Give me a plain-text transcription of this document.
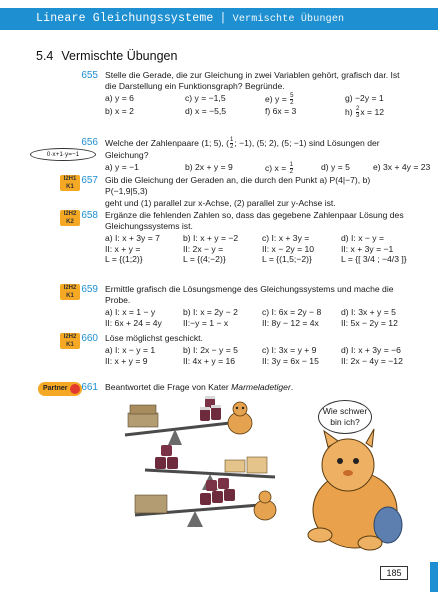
Lineare Gleichungssysteme | Vermischte Übungen
5.4 Vermischte Übungen
655 Stelle die Gerade, die zur Gleichung in zwei Variablen gehört, grafisch dar. Ist die Darstellung ein Funktionsgraph? Begründe.

a) y = 6	c) y = −1,5	e) $y = \frac{5}{2}$	g) −2y = 1
b) x = 2	d) x = −5,5	f) 6x = 3	$h) \frac{2}{3}$ x = 12
0·x+1·y=−1
656 Welche der Zahlenpaare (1; 5), ( $\frac{1}{2}$ ; −1), (5; 2), (5; −1) sind Lösungen der Gleichung?

a) y = −1	b) 2x + y = 9	c) $x = \frac{1}{2}$	d) y = 5	e) 3x + 4y = 23
I2H1
K1
657 Gib die Gleichung der Geraden an, die durch den Punkt a) P(4|−7), b) P(−1,9|5,3)

geht und (1) parallel zur x-Achse, (2) parallel zur y-Achse ist.

I2H2
K2
658 Ergänze die fehlenden Zahlen so, dass das gegebene Zahlenpaar Lösung des Gleichungssystems ist.

a) I: x + 3y = 7	b) I: x + y = −2	c) I: x + 3y =	d) I: x − y =
II: x + y =	II: 2x − y =	II: x − 2y = 10	II: x + 3y = −1
L = {(1;2)}	L = {(4;−2)}	L = {(1,5;−2)}	L = {[ 3/4 ; −4/3 ]}
I2H2
K1
659 Ermittle grafisch die Lösungsmenge des Gleichungssystems und mache die Probe.

a) I: x = 1 − y	b) I: x = 2y − 2	c) I: 6x = 2y − 8	d) I: 3x + y = 5
II: 6x + 24 = 4y	II:−y = 1 − x	II: 8y − 12 = 4x	II: 5x − 2y = 12
I2H2
K1
660 Löse möglichst geschickt.

a) I: x − y = 1	b) I: 2x − y = 5	c) I: 3x = y + 9	d) I: x + 3y = −6
II: x + y = 9	II: 4x + y = 16	II: 3y = 6x − 15	II: 2x − 4y = −12
Partner	661 Beantwortet die Frage von Kater Marmeladetiger.

Wie schwer bin ich?
185
